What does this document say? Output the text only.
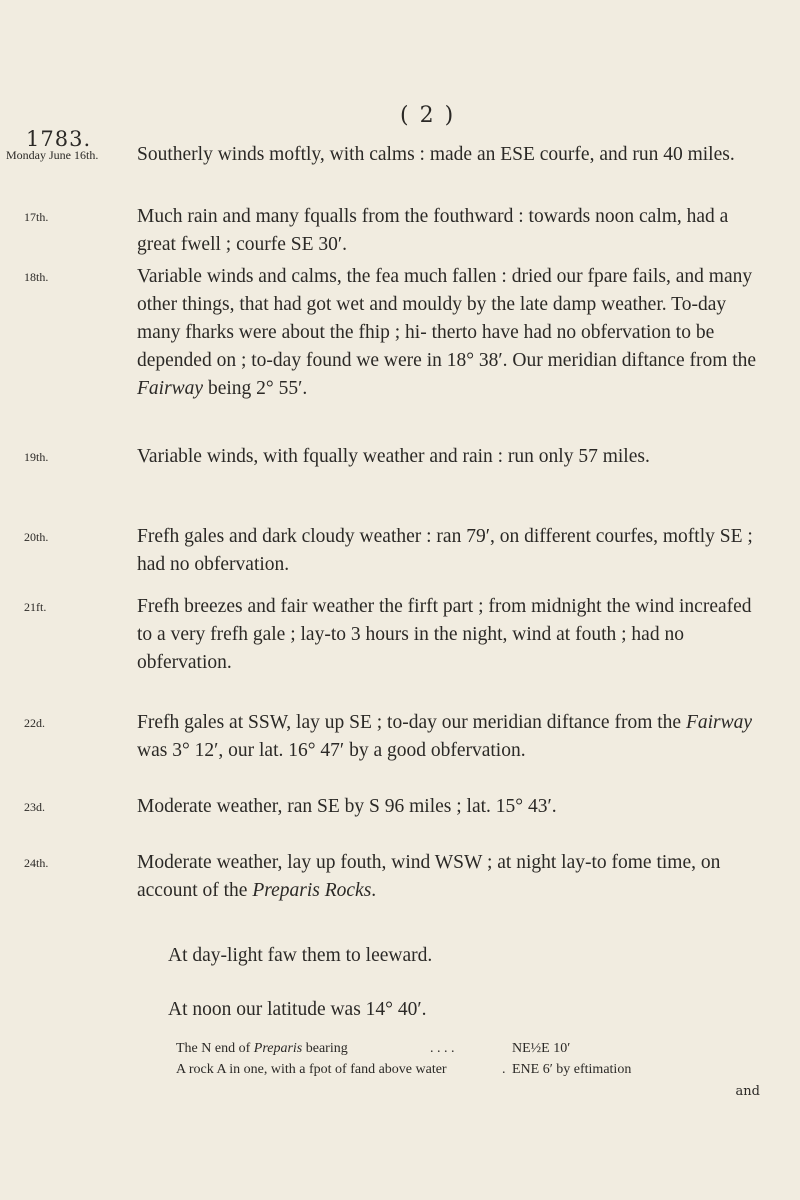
( 2 )
1783.
Monday June 16th.	Southerly winds moftly, with calms : made an ESE courfe, and run 40 miles.
17th.	Much rain and many fqualls from the fouthward : towards noon calm, had a great fwell ; courfe SE 30′.
18th.	Variable winds and calms, the fea much fallen : dried our fpare fails, and many other things, that had got wet and mouldy by the late damp weather. To-day many fharks were about the fhip ; hi- therto have had no obfervation to be depended on ; to-day found we were in 18° 38′. Our meridian diftance from the Fairway being 2° 55′.
19th.	Variable winds, with fqually weather and rain : run only 57 miles.
20th.	Frefh gales and dark cloudy weather : ran 79′, on different courfes, moftly SE ; had no obfervation.
21ft.	Frefh breezes and fair weather the firft part ; from midnight the wind increafed to a very frefh gale ; lay-to 3 hours in the night, wind at fouth ; had no obfervation.
22d.	Frefh gales at SSW, lay up SE ; to-day our meridian diftance from the Fairway was 3° 12′, our lat. 16° 47′ by a good obfervation.
23d.	Moderate weather, ran SE by S 96 miles ; lat. 15° 43′.
24th.	Moderate weather, lay up fouth, wind WSW ; at night lay-to fome time, on account of the Preparis Rocks.
At day-light faw them to leeward.
At noon our latitude was 14° 40′.
The N end of Preparis bearing	. . . .	NE½E 10′
A rock A in one, with a fpot of fand above water	. ENE 6′ by eftimation
and
